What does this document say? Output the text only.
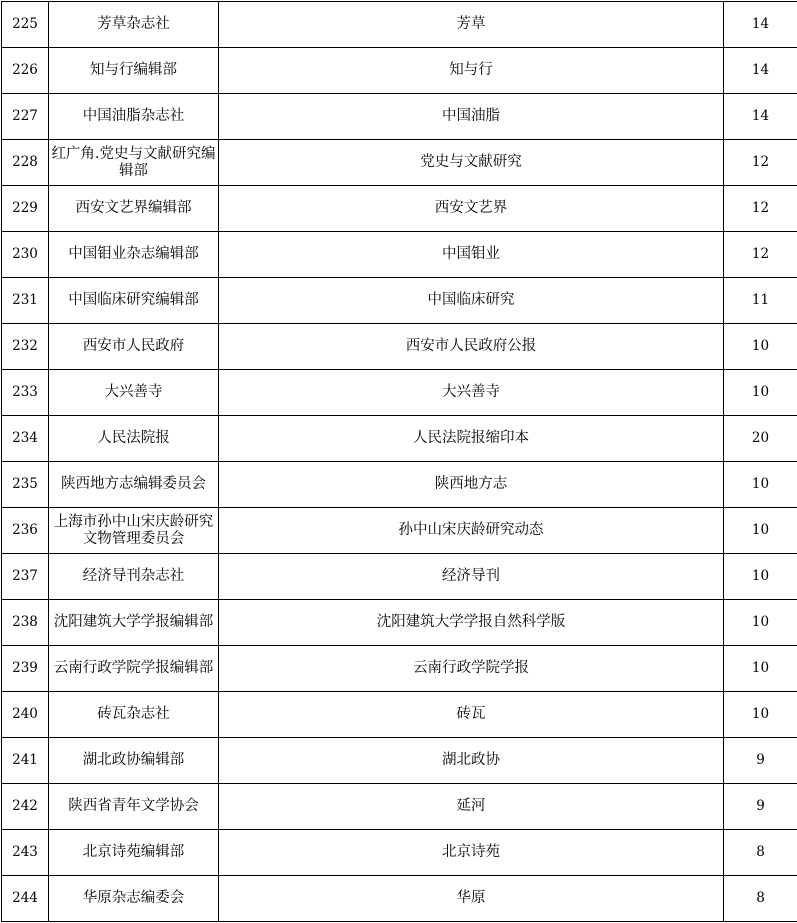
225	芳草杂志社	芳草	14
226	知与行编辑部	知与行	14
227	中国油脂杂志社	中国油脂	14
228	红广角.党史与文献研究编辑部	党史与文献研究	12
229	西安文艺界编辑部	西安文艺界	12
230	中国钼业杂志编辑部	中国钼业	12
231	中国临床研究编辑部	中国临床研究	11
232	西安市人民政府	西安市人民政府公报	10
233	大兴善寺	大兴善寺	10
234	人民法院报	人民法院报缩印本	20
235	陕西地方志编辑委员会	陕西地方志	10
236	上海市孙中山宋庆龄研究文物管理委员会	孙中山宋庆龄研究动态	10
237	经济导刊杂志社	经济导刊	10
238	沈阳建筑大学学报编辑部	沈阳建筑大学学报自然科学版	10
239	云南行政学院学报编辑部	云南行政学院学报	10
240	砖瓦杂志社	砖瓦	10
241	湖北政协编辑部	湖北政协	9
242	陕西省青年文学协会	延河	9
243	北京诗苑编辑部	北京诗苑	8
244	华原杂志编委会	华原	8
